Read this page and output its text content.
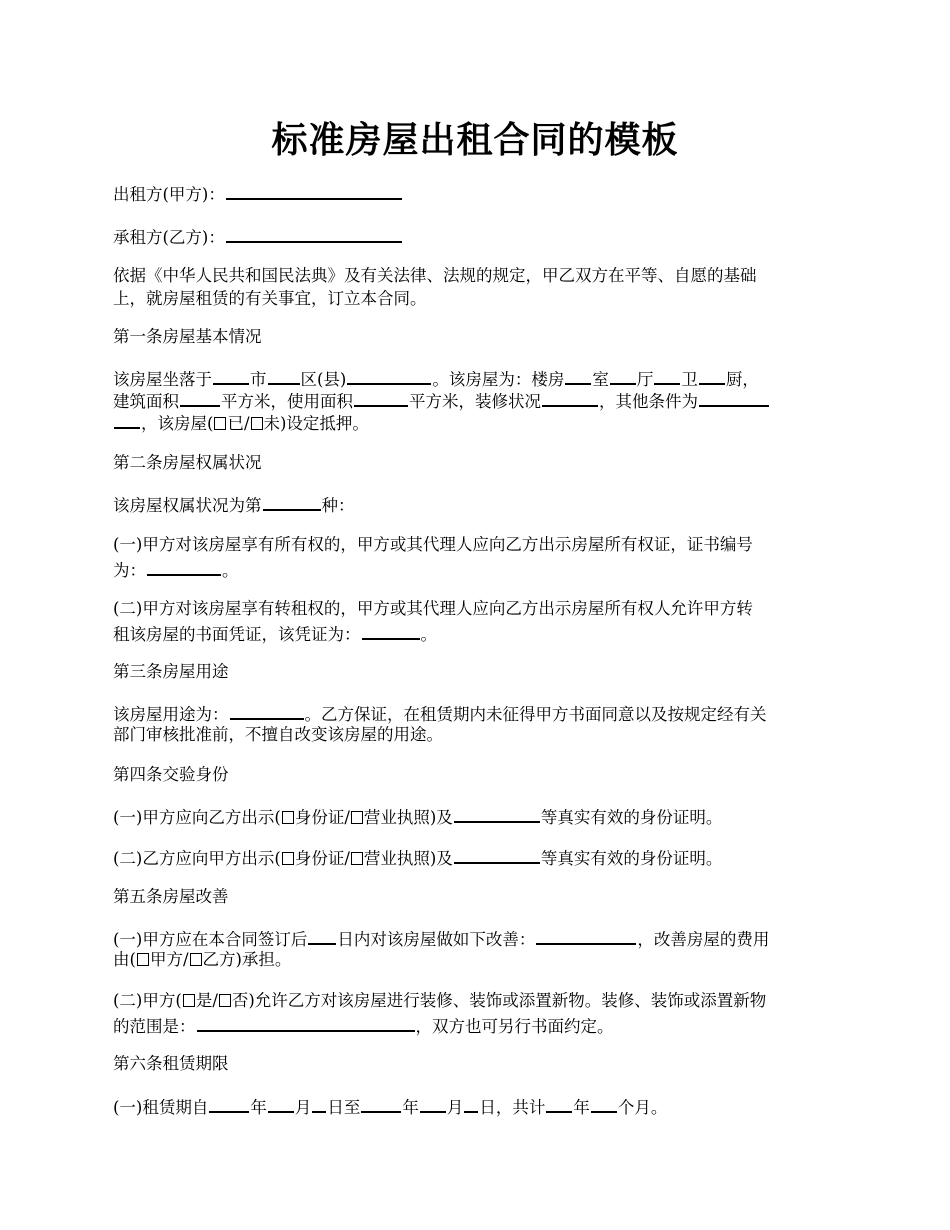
标准房屋出租合同的模板
出租方(甲方)：
承租方(乙方)：
依据《中华人民共和国民法典》及有关法律、法规的规定，甲乙双方在平等、自愿的基础
上，就房屋租赁的有关事宜，订立本合同。
第一条房屋基本情况
该房屋坐落于 市 区(县)	。该房屋为：楼房 室 厅 卫 厨，
建筑面积	平方米，使用面积	平方米，装修状况	，其他条件为
，该房屋( 已/ 未)设定抵押。
第二条房屋权属状况
该房屋权属状况为第	种：
(一)甲方对该房屋享有所有权的，甲方或其代理人应向乙方出示房屋所有权证，证书编号
为：	。
(二)甲方对该房屋享有转租权的，甲方或其代理人应向乙方出示房屋所有权人允许甲方转
租该房屋的书面凭证，该凭证为：	。
第三条房屋用途
该房屋用途为：	。乙方保证，在租赁期内未征得甲方书面同意以及按规定经有关
部门审核批准前，不擅自改变该房屋的用途。
第四条交验身份
(一)甲方应向乙方出示( 身份证/ 营业执照)及	等真实有效的身份证明。
(二)乙方应向甲方出示( 身份证/ 营业执照)及	等真实有效的身份证明。
第五条房屋改善
(一)甲方应在本合同签订后 日内对该房屋做如下改善：	，改善房屋的费用
由( 甲方/ 乙方)承担。
(二)甲方( 是/ 否)允许乙方对该房屋进行装修、装饰或添置新物。装修、装饰或添置新物
的范围是：	，双方也可另行书面约定。
第六条租赁期限
(一)租赁期自	年 月 日至	年 月 日，共计 年 个月。
